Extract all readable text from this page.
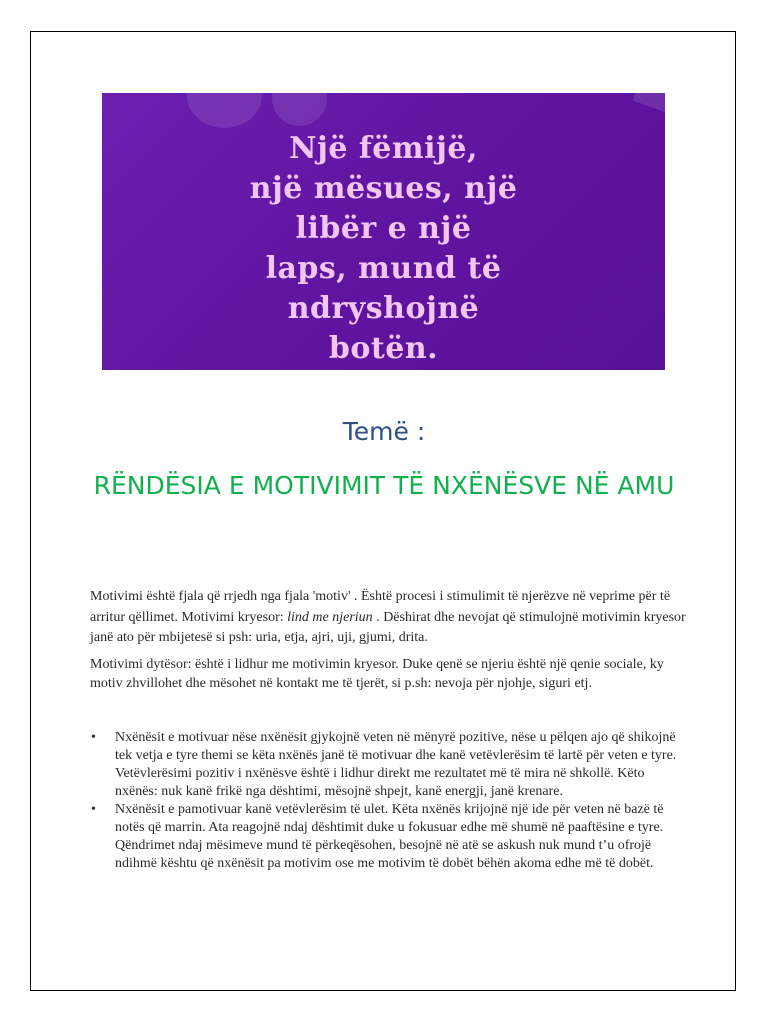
Një fëmijë,
një mësues, një
libër e një
laps, mund të
ndryshojnë
botën.
Temë :
RËNDËSIA E MOTIVIMIT TË NXËNËSVE NË AMU

Motivimi është fjala që rrjedh nga fjala 'motiv' . Është procesi i stimulimit të njerëzve në veprime për të arritur qëllimet. Motivimi kryesor: lind me njeriun . Dëshirat dhe nevojat që stimulojnë motivimin kryesor janë ato për mbijetesë si psh: uria, etja, ajri, uji, gjumi, drita.

Motivimi dytësor: është i lidhur me motivimin kryesor. Duke qenë se njeriu është një qenie sociale, ky motiv zhvillohet dhe mësohet në kontakt me të tjerët, si p.sh: nevoja për njohje, siguri etj.

• Nxënësit e motivuar nëse nxënësit gjykojnë veten në mënyrë pozitive, nëse u pëlqen ajo që shikojnë tek vetja e tyre themi se këta nxënës janë të motivuar dhe kanë vetëvlerësim të lartë për veten e tyre. Vetëvlerësimi pozitiv i nxënësve është i lidhur direkt me rezultatet më të mira në shkollë. Këto nxënës: nuk kanë frikë nga dështimi, mësojnë shpejt, kanë energji, janë krenare.
• Nxënësit e pamotivuar kanë vetëvlerësim të ulet. Këta nxënës krijojnë një ide për veten në bazë të notës që marrin. Ata reagojnë ndaj dështimit duke u fokusuar edhe më shumë në paaftësine e tyre. Qëndrimet ndaj mësimeve mund të përkeqësohen, besojnë në atë se askush nuk mund t’u ofrojë ndihmë kështu që nxënësit pa motivim ose me motivim të dobët bëhën akoma edhe më të dobët.
